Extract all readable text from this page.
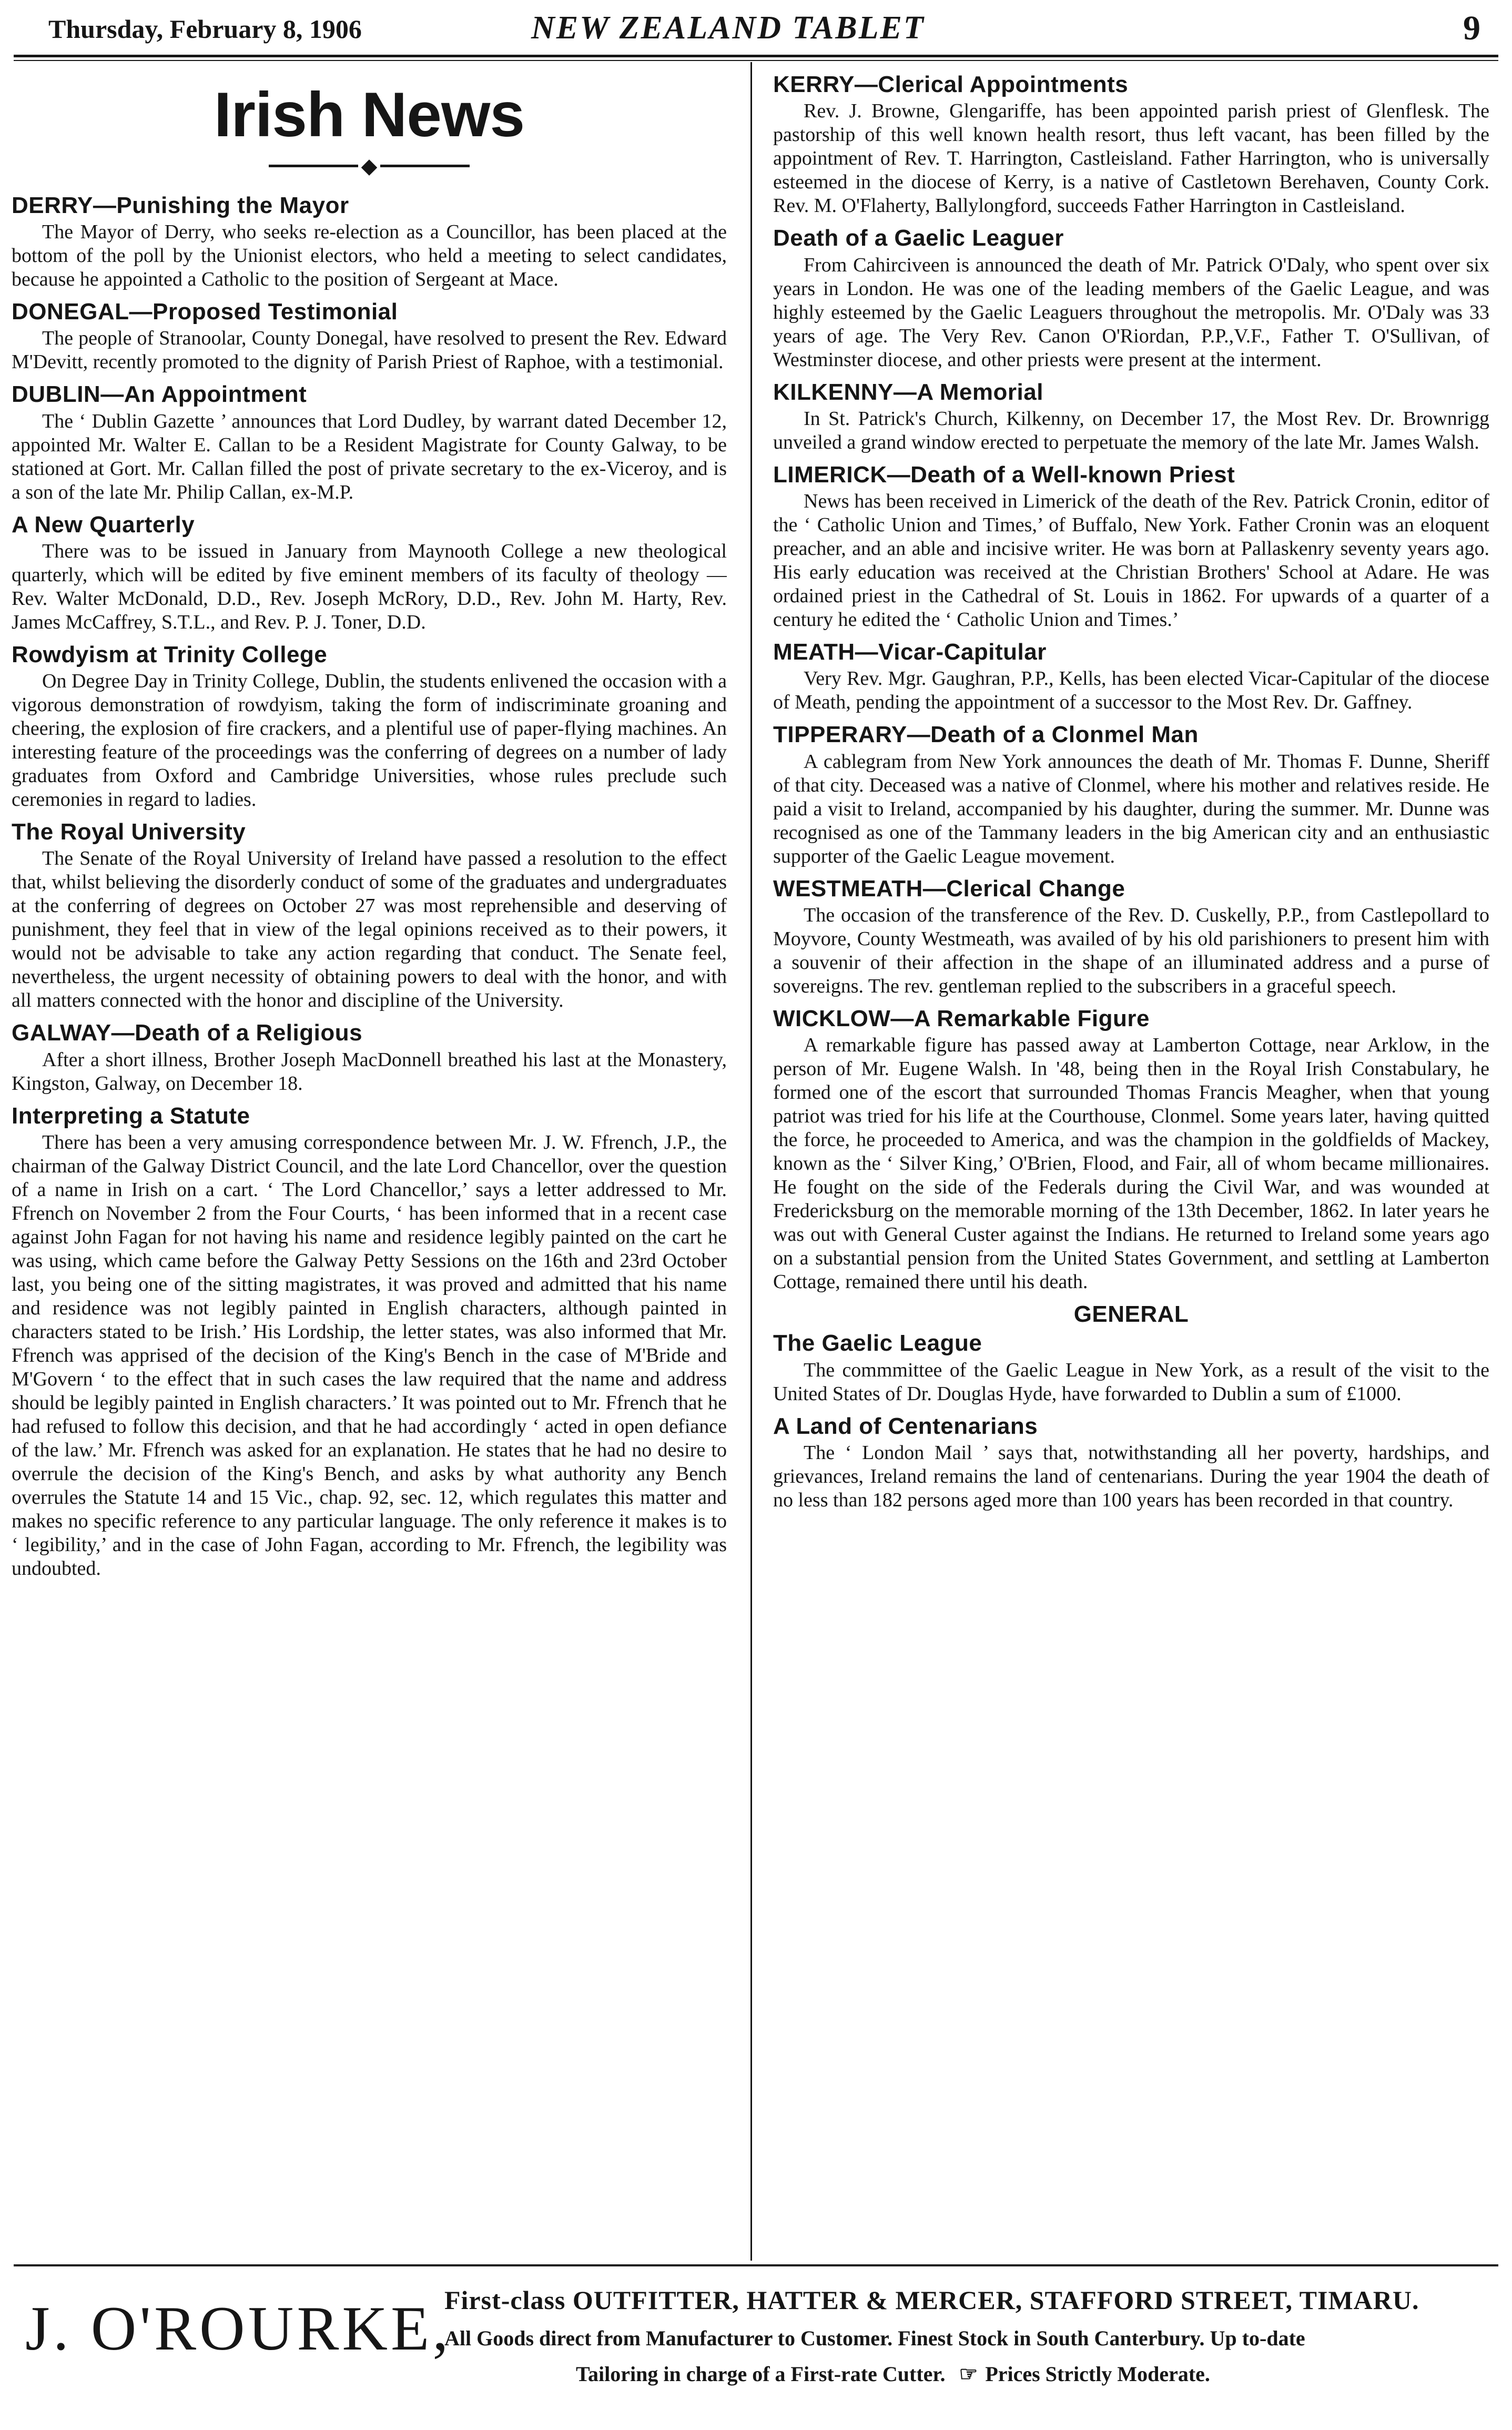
Thursday, February 8, 1906	NEW ZEALAND TABLET	9
Irish News
◆
DERRY—Punishing the Mayor

The Mayor of Derry, who seeks re-election as a Councillor, has been placed at the bottom of the poll by the Unionist electors, who held a meeting to select candidates, because he appointed a Catholic to the position of Sergeant at Mace.

DONEGAL—Proposed Testimonial

The people of Stranoolar, County Donegal, have resolved to present the Rev. Edward M'Devitt, recently promoted to the dignity of Parish Priest of Raphoe, with a testimonial.

DUBLIN—An Appointment

The ‘ Dublin Gazette ’ announces that Lord Dudley, by warrant dated December 12, appointed Mr. Walter E. Callan to be a Resident Magistrate for County Galway, to be stationed at Gort. Mr. Callan filled the post of private secretary to the ex-Viceroy, and is a son of the late Mr. Philip Callan, ex-M.P.

A New Quarterly

There was to be issued in January from Maynooth College a new theological quarterly, which will be edited by five eminent members of its faculty of theology —Rev. Walter McDonald, D.D., Rev. Joseph McRory, D.D., Rev. John M. Harty, Rev. James McCaffrey, S.T.L., and Rev. P. J. Toner, D.D.

Rowdyism at Trinity College

On Degree Day in Trinity College, Dublin, the students enlivened the occasion with a vigorous demonstration of rowdyism, taking the form of indiscriminate groaning and cheering, the explosion of fire crackers, and a plentiful use of paper-flying machines. An interesting feature of the proceedings was the conferring of degrees on a number of lady graduates from Oxford and Cambridge Universities, whose rules preclude such ceremonies in regard to ladies.

The Royal University

The Senate of the Royal University of Ireland have passed a resolution to the effect that, whilst believing the disorderly conduct of some of the graduates and undergraduates at the conferring of degrees on October 27 was most reprehensible and deserving of punishment, they feel that in view of the legal opinions received as to their powers, it would not be advisable to take any action regarding that conduct. The Senate feel, nevertheless, the urgent necessity of obtaining powers to deal with the honor, and with all matters connected with the honor and discipline of the University.

GALWAY—Death of a Religious

After a short illness, Brother Joseph MacDonnell breathed his last at the Monastery, Kingston, Galway, on December 18.

Interpreting a Statute

There has been a very amusing correspondence between Mr. J. W. Ffrench, J.P., the chairman of the Galway District Council, and the late Lord Chancellor, over the question of a name in Irish on a cart. ‘ The Lord Chancellor,’ says a letter addressed to Mr. Ffrench on November 2 from the Four Courts, ‘ has been informed that in a recent case against John Fagan for not having his name and residence legibly painted on the cart he was using, which came before the Galway Petty Sessions on the 16th and 23rd October last, you being one of the sitting magistrates, it was proved and admitted that his name and residence was not legibly painted in English characters, although painted in characters stated to be Irish.’ His Lordship, the letter states, was also informed that Mr. Ffrench was apprised of the decision of the King's Bench in the case of M'Bride and M'Govern ‘ to the effect that in such cases the law required that the name and address should be legibly painted in English characters.’ It was pointed out to Mr. Ffrench that he had refused to follow this decision, and that he had accordingly ‘ acted in open defiance of the law.’ Mr. Ffrench was asked for an explanation. He states that he had no desire to overrule the decision of the King's Bench, and asks by what authority any Bench overrules the Statute 14 and 15 Vic., chap. 92, sec. 12, which regulates this matter and makes no specific reference to any particular language. The only reference it makes is to ‘ legibility,’ and in the case of John Fagan, according to Mr. Ffrench, the legibility was undoubted.

KERRY—Clerical Appointments

Rev. J. Browne, Glengariffe, has been appointed parish priest of Glenflesk. The pastorship of this well known health resort, thus left vacant, has been filled by the appointment of Rev. T. Harrington, Castleisland. Father Harrington, who is universally esteemed in the diocese of Kerry, is a native of Castletown Berehaven, County Cork. Rev. M. O'Flaherty, Ballylongford, succeeds Father Harrington in Castleisland.

Death of a Gaelic Leaguer

From Cahirciveen is announced the death of Mr. Patrick O'Daly, who spent over six years in London. He was one of the leading members of the Gaelic League, and was highly esteemed by the Gaelic Leaguers throughout the metropolis. Mr. O'Daly was 33 years of age. The Very Rev. Canon O'Riordan, P.P.,V.F., Father T. O'Sullivan, of Westminster diocese, and other priests were present at the interment.

KILKENNY—A Memorial

In St. Patrick's Church, Kilkenny, on December 17, the Most Rev. Dr. Brownrigg unveiled a grand window erected to perpetuate the memory of the late Mr. James Walsh.

LIMERICK—Death of a Well-known Priest

News has been received in Limerick of the death of the Rev. Patrick Cronin, editor of the ‘ Catholic Union and Times,’ of Buffalo, New York. Father Cronin was an eloquent preacher, and an able and incisive writer. He was born at Pallaskenry seventy years ago. His early education was received at the Christian Brothers' School at Adare. He was ordained priest in the Cathedral of St. Louis in 1862. For upwards of a quarter of a century he edited the ‘ Catholic Union and Times.’

MEATH—Vicar-Capitular

Very Rev. Mgr. Gaughran, P.P., Kells, has been elected Vicar-Capitular of the diocese of Meath, pending the appointment of a successor to the Most Rev. Dr. Gaffney.

TIPPERARY—Death of a Clonmel Man

A cablegram from New York announces the death of Mr. Thomas F. Dunne, Sheriff of that city. Deceased was a native of Clonmel, where his mother and relatives reside. He paid a visit to Ireland, accompanied by his daughter, during the summer. Mr. Dunne was recognised as one of the Tammany leaders in the big American city and an enthusiastic supporter of the Gaelic League movement.

WESTMEATH—Clerical Change

The occasion of the transference of the Rev. D. Cuskelly, P.P., from Castlepollard to Moyvore, County Westmeath, was availed of by his old parishioners to present him with a souvenir of their affection in the shape of an illuminated address and a purse of sovereigns. The rev. gentleman replied to the subscribers in a graceful speech.

WICKLOW—A Remarkable Figure

A remarkable figure has passed away at Lamberton Cottage, near Arklow, in the person of Mr. Eugene Walsh. In '48, being then in the Royal Irish Constabulary, he formed one of the escort that surrounded Thomas Francis Meagher, when that young patriot was tried for his life at the Courthouse, Clonmel. Some years later, having quitted the force, he proceeded to America, and was the champion in the goldfields of Mackey, known as the ‘ Silver King,’ O'Brien, Flood, and Fair, all of whom became millionaires. He fought on the side of the Federals during the Civil War, and was wounded at Fredericksburg on the memorable morning of the 13th December, 1862. In later years he was out with General Custer against the Indians. He returned to Ireland some years ago on a substantial pension from the United States Government, and settling at Lamberton Cottage, remained there until his death.

GENERAL
The Gaelic League

The commmittee of the Gaelic League in New York, as a result of the visit to the United States of Dr. Douglas Hyde, have forwarded to Dublin a sum of £1000.

A Land of Centenarians

The ‘ London Mail ’ says that, notwithstanding all her poverty, hardships, and grievances, Ireland remains the land of centenarians. During the year 1904 the death of no less than 182 persons aged more than 100 years has been recorded in that country.

J. O'ROURKE,
First-class OUTFITTER, HATTER & MERCER, STAFFORD STREET, TIMARU.
All Goods direct from Manufacturer to Customer. Finest Stock in South Canterbury. Up to-date
Tailoring in charge of a First-rate Cutter. ☞ Prices Strictly Moderate.
